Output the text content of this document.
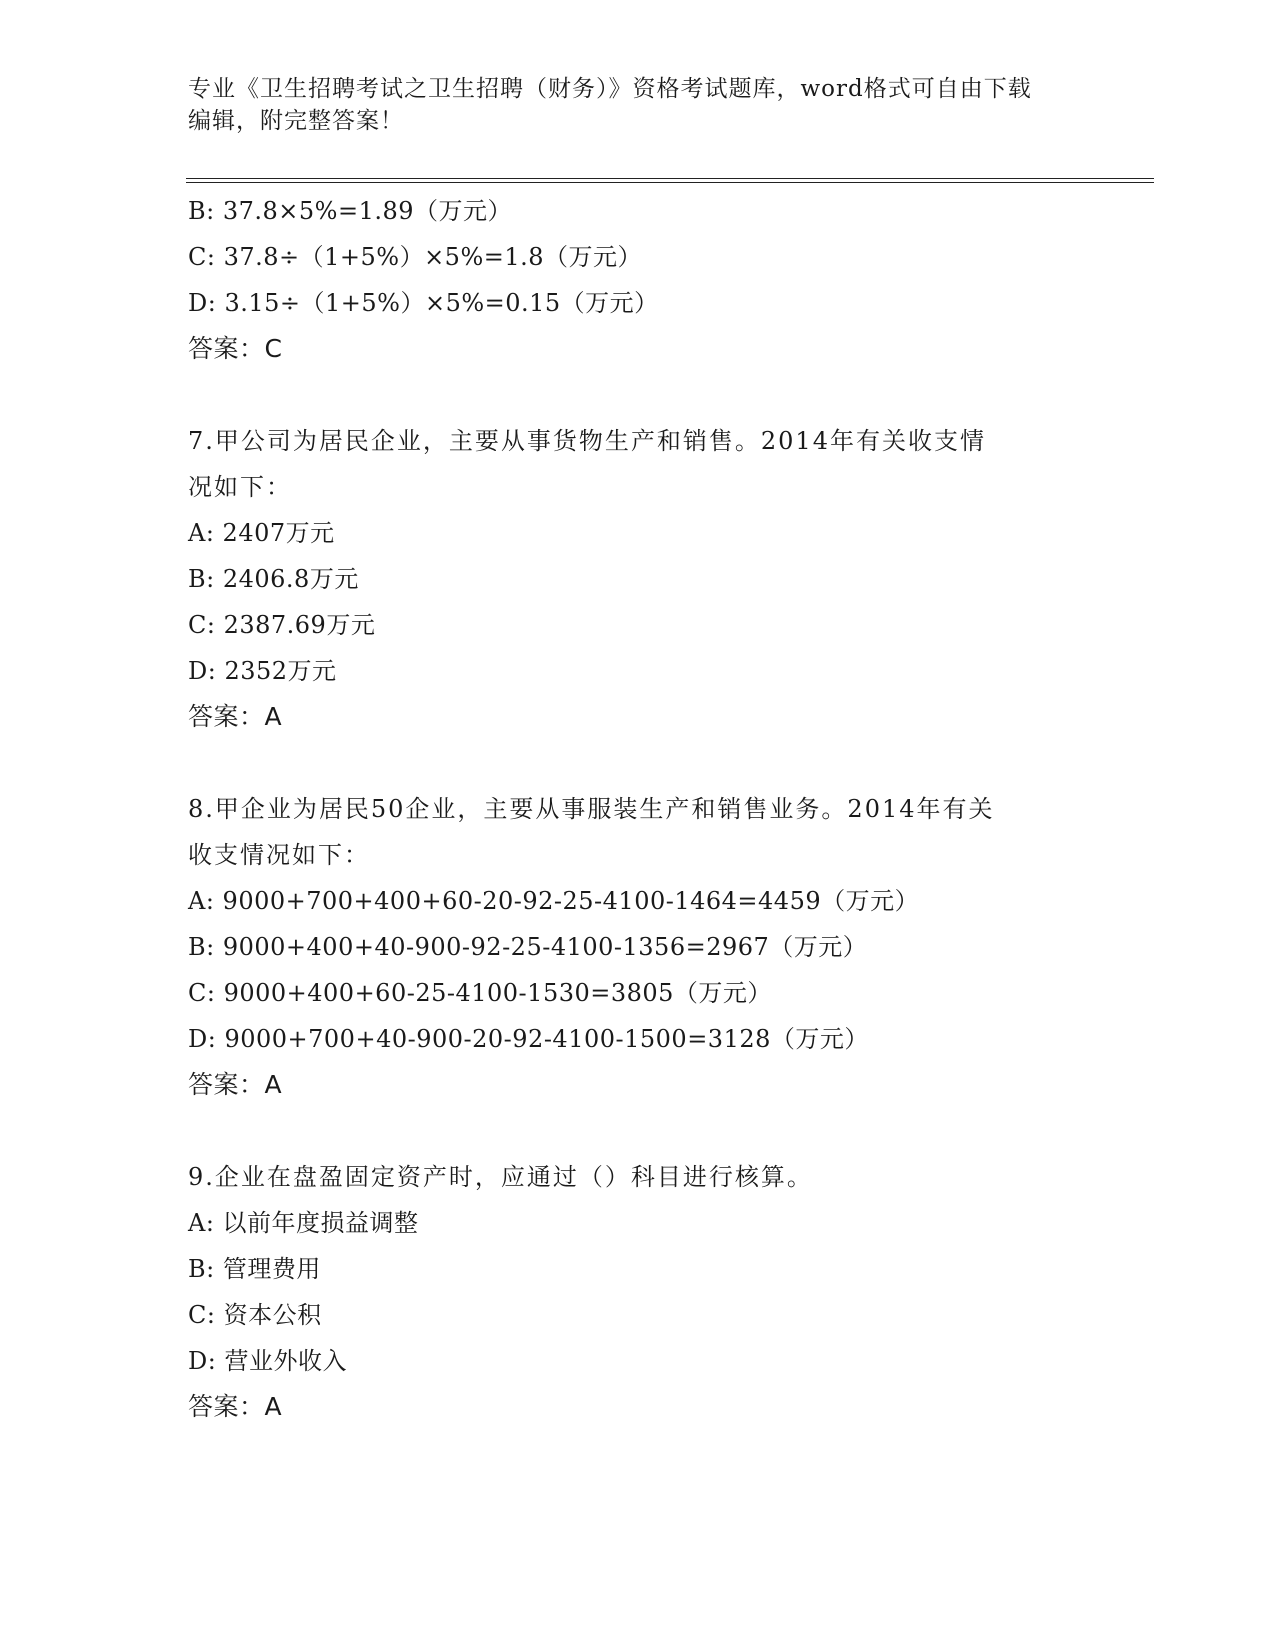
专业《卫生招聘考试之卫生招聘（财务）》资格考试题库，word格式可自由下载
编辑，附完整答案！
B: 37.8×5%=1.89（万元）
C: 37.8÷（1+5%）×5%=1.8（万元）
D: 3.15÷（1+5%）×5%=0.15（万元）
答案：C
7.甲公司为居民企业，主要从事货物生产和销售。2014年有关收支情
况如下：
A: 2407万元
B: 2406.8万元
C: 2387.69万元
D: 2352万元
答案：A
8.甲企业为居民50企业，主要从事服装生产和销售业务。2014年有关
收支情况如下：
A: 9000+700+400+60-20-92-25-4100-1464=4459（万元）
B: 9000+400+40-900-92-25-4100-1356=2967（万元）
C: 9000+400+60-25-4100-1530=3805（万元）
D: 9000+700+40-900-20-92-4100-1500=3128（万元）
答案：A
9.企业在盘盈固定资产时，应通过（）科目进行核算。
A: 以前年度损益调整
B: 管理费用
C: 资本公积
D: 营业外收入
答案：A
